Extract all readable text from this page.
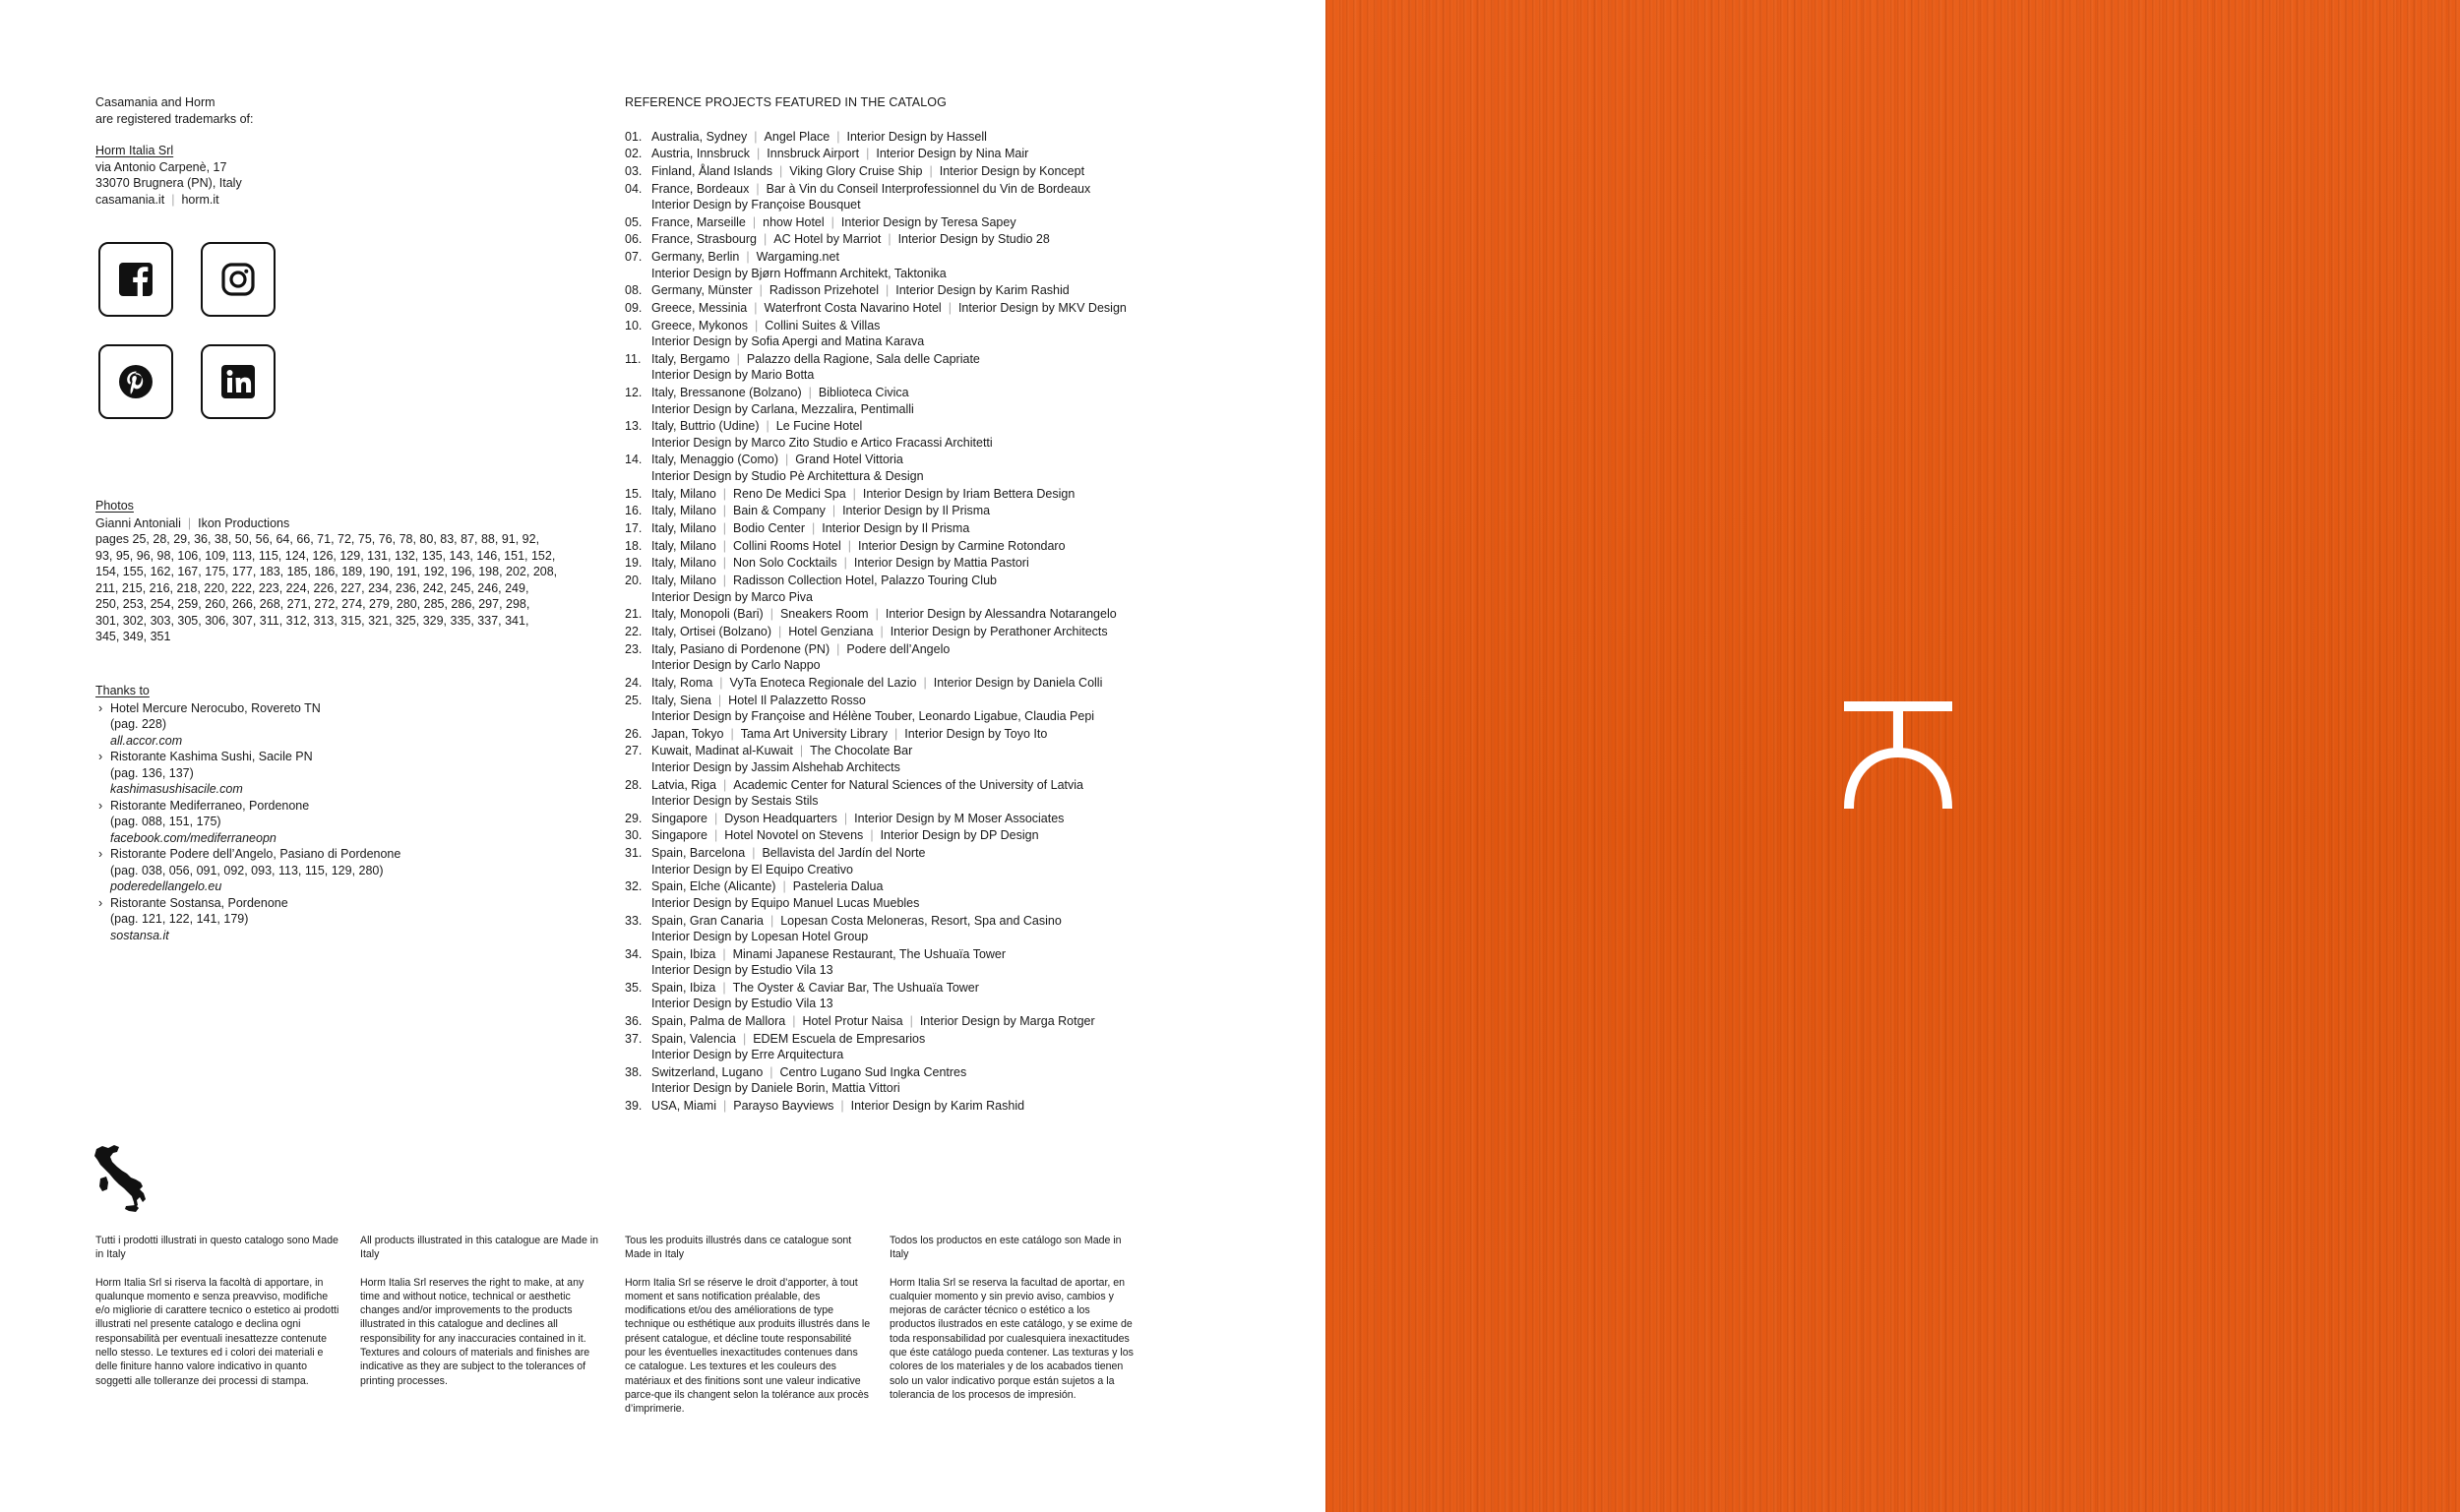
Casamania and Horm
are registered trademarks of:
Horm Italia Srl
via Antonio Carpenè, 17
33070 Brugnera (PN), Italy
casamania.it | horm.it
Photos
Gianni Antoniali | Ikon Productions
pages 25, 28, 29, 36, 38, 50, 56, 64, 66, 71, 72, 75, 76, 78, 80, 83, 87, 88, 91, 92,
93, 95, 96, 98, 106, 109, 113, 115, 124, 126, 129, 131, 132, 135, 143, 146, 151, 152,
154, 155, 162, 167, 175, 177, 183, 185, 186, 189, 190, 191, 192, 196, 198, 202, 208,
211, 215, 216, 218, 220, 222, 223, 224, 226, 227, 234, 236, 242, 245, 246, 249,
250, 253, 254, 259, 260, 266, 268, 271, 272, 274, 279, 280, 285, 286, 297, 298,
301, 302, 303, 305, 306, 307, 311, 312, 313, 315, 321, 325, 329, 335, 337, 341,
345, 349, 351
Thanks to
› Hotel Mercure Nerocubo, Rovereto TN
(pag. 228)
all.accor.com
› Ristorante Kashima Sushi, Sacile PN
(pag. 136, 137)
kashimasushisacile.com
› Ristorante Mediferraneo, Pordenone
(pag. 088, 151, 175)
facebook.com/mediferraneopn
› Ristorante Podere dell’Angelo, Pasiano di Pordenone
(pag. 038, 056, 091, 092, 093, 113, 115, 129, 280)
poderedellangelo.eu
› Ristorante Sostansa, Pordenone
(pag. 121, 122, 141, 179)
sostansa.it
REFERENCE PROJECTS FEATURED IN THE CATALOG
01. Australia, Sydney | Angel Place | Interior Design by Hassell
02. Austria, Innsbruck | Innsbruck Airport | Interior Design by Nina Mair
03. Finland, Åland Islands | Viking Glory Cruise Ship | Interior Design by Koncept
04. France, Bordeaux | Bar à Vin du Conseil Interprofessionnel du Vin de Bordeaux
Interior Design by Françoise Bousquet
05. France, Marseille | nhow Hotel | Interior Design by Teresa Sapey
06. France, Strasbourg | AC Hotel by Marriot | Interior Design by Studio 28
07. Germany, Berlin | Wargaming.net
Interior Design by Bjørn Hoffmann Architekt, Taktonika
08. Germany, Münster | Radisson Prizehotel | Interior Design by Karim Rashid
09. Greece, Messinia | Waterfront Costa Navarino Hotel | Interior Design by MKV Design
10. Greece, Mykonos | Collini Suites & Villas
Interior Design by Sofia Apergi and Matina Karava
11. Italy, Bergamo | Palazzo della Ragione, Sala delle Capriate
Interior Design by Mario Botta
12. Italy, Bressanone (Bolzano) | Biblioteca Civica
Interior Design by Carlana, Mezzalira, Pentimalli
13. Italy, Buttrio (Udine) | Le Fucine Hotel
Interior Design by Marco Zito Studio e Artico Fracassi Architetti
14. Italy, Menaggio (Como) | Grand Hotel Vittoria
Interior Design by Studio Pè Architettura & Design
15. Italy, Milano | Reno De Medici Spa | Interior Design by Iriam Bettera Design
16. Italy, Milano | Bain & Company | Interior Design by Il Prisma
17. Italy, Milano | Bodio Center | Interior Design by Il Prisma
18. Italy, Milano | Collini Rooms Hotel | Interior Design by Carmine Rotondaro
19. Italy, Milano | Non Solo Cocktails | Interior Design by Mattia Pastori
20. Italy, Milano | Radisson Collection Hotel, Palazzo Touring Club
Interior Design by Marco Piva
21. Italy, Monopoli (Bari) | Sneakers Room | Interior Design by Alessandra Notarangelo
22. Italy, Ortisei (Bolzano) | Hotel Genziana | Interior Design by Perathoner Architects
23. Italy, Pasiano di Pordenone (PN) | Podere dell’Angelo
Interior Design by Carlo Nappo
24. Italy, Roma | VyTa Enoteca Regionale del Lazio | Interior Design by Daniela Colli
25. Italy, Siena | Hotel Il Palazzetto Rosso
Interior Design by Françoise and Hélène Touber, Leonardo Ligabue, Claudia Pepi
26. Japan, Tokyo | Tama Art University Library | Interior Design by Toyo Ito
27. Kuwait, Madinat al-Kuwait | The Chocolate Bar
Interior Design by Jassim Alshehab Architects
28. Latvia, Riga | Academic Center for Natural Sciences of the University of Latvia
Interior Design by Sestais Stils
29. Singapore | Dyson Headquarters | Interior Design by M Moser Associates
30. Singapore | Hotel Novotel on Stevens | Interior Design by DP Design
31. Spain, Barcelona | Bellavista del Jardín del Norte
Interior Design by El Equipo Creativo
32. Spain, Elche (Alicante) | Pasteleria Dalua
Interior Design by Equipo Manuel Lucas Muebles
33. Spain, Gran Canaria | Lopesan Costa Meloneras, Resort, Spa and Casino
Interior Design by Lopesan Hotel Group
34. Spain, Ibiza | Minami Japanese Restaurant, The Ushuaïa Tower
Interior Design by Estudio Vila 13
35. Spain, Ibiza | The Oyster & Caviar Bar, The Ushuaïa Tower
Interior Design by Estudio Vila 13
36. Spain, Palma de Mallora | Hotel Protur Naisa | Interior Design by Marga Rotger
37. Spain, Valencia | EDEM Escuela de Empresarios
Interior Design by Erre Arquitectura
38. Switzerland, Lugano | Centro Lugano Sud Ingka Centres
Interior Design by Daniele Borin, Mattia Vittori
39. USA, Miami | Parayso Bayviews | Interior Design by Karim Rashid
Tutti i prodotti illustrati in questo catalogo sono Made in Italy
Horm Italia Srl si riserva la facoltà di apportare, in qualunque momento e senza preavviso, modifiche e/o migliorie di carattere tecnico o estetico ai prodotti illustrati nel presente catalogo e declina ogni responsabilità per eventuali inesattezze contenute nello stesso. Le textures ed i colori dei materiali e delle finiture hanno valore indicativo in quanto soggetti alle tolleranze dei processi di stampa.
All products illustrated in this catalogue are Made in Italy
Horm Italia Srl reserves the right to make, at any time and without notice, technical or aesthetic changes and/or improvements to the products illustrated in this catalogue and declines all responsibility for any inaccuracies contained in it. Textures and colours of materials and finishes are indicative as they are subject to the tolerances of printing processes.
Tous les produits illustrés dans ce catalogue sont Made in Italy
Horm Italia Srl se réserve le droit d’apporter, à tout moment et sans notification préalable, des modifications et/ou des améliorations de type technique ou esthétique aux produits illustrés dans le présent catalogue, et décline toute responsabilité pour les éventuelles inexactitudes contenues dans ce catalogue. Les textures et les couleurs des matériaux et des finitions sont une valeur indicative parce-que ils changent selon la tolérance aux procès d’imprimerie.
Todos los productos en este catálogo son Made in Italy
Horm Italia Srl se reserva la facultad de aportar, en cualquier momento y sin previo aviso, cambios y mejoras de carácter técnico o estético a los productos ilustrados en este catálogo, y se exime de toda responsabilidad por cualesquiera inexactitudes que éste catálogo pueda contener. Las texturas y los colores de los materiales y de los acabados tienen solo un valor indicativo porque están sujetos a la tolerancia de los procesos de impresión.
